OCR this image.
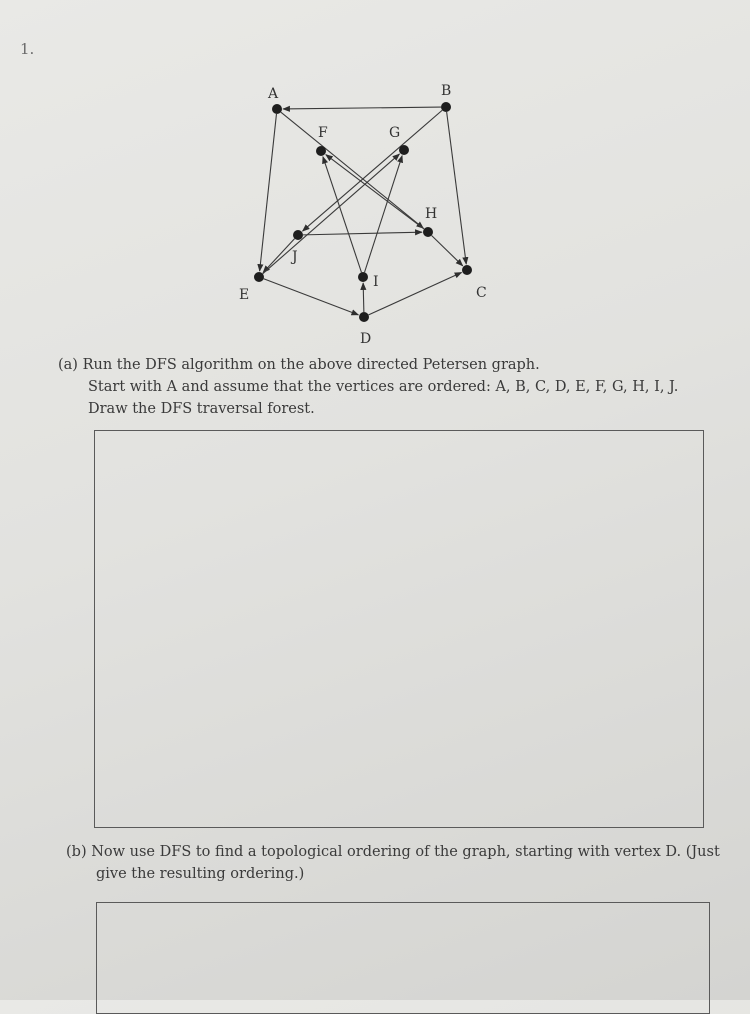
1.
A	B
C
D
E
F	G
H
I
J
(a) Run the DFS algorithm on the above directed Petersen graph.
Start with A and assume that the vertices are ordered: A, B, C, D, E, F, G, H, I, J.
Draw the DFS traversal forest.
(b) Now use DFS to find a topological ordering of the graph, starting with vertex D. (Just
give the resulting ordering.)
